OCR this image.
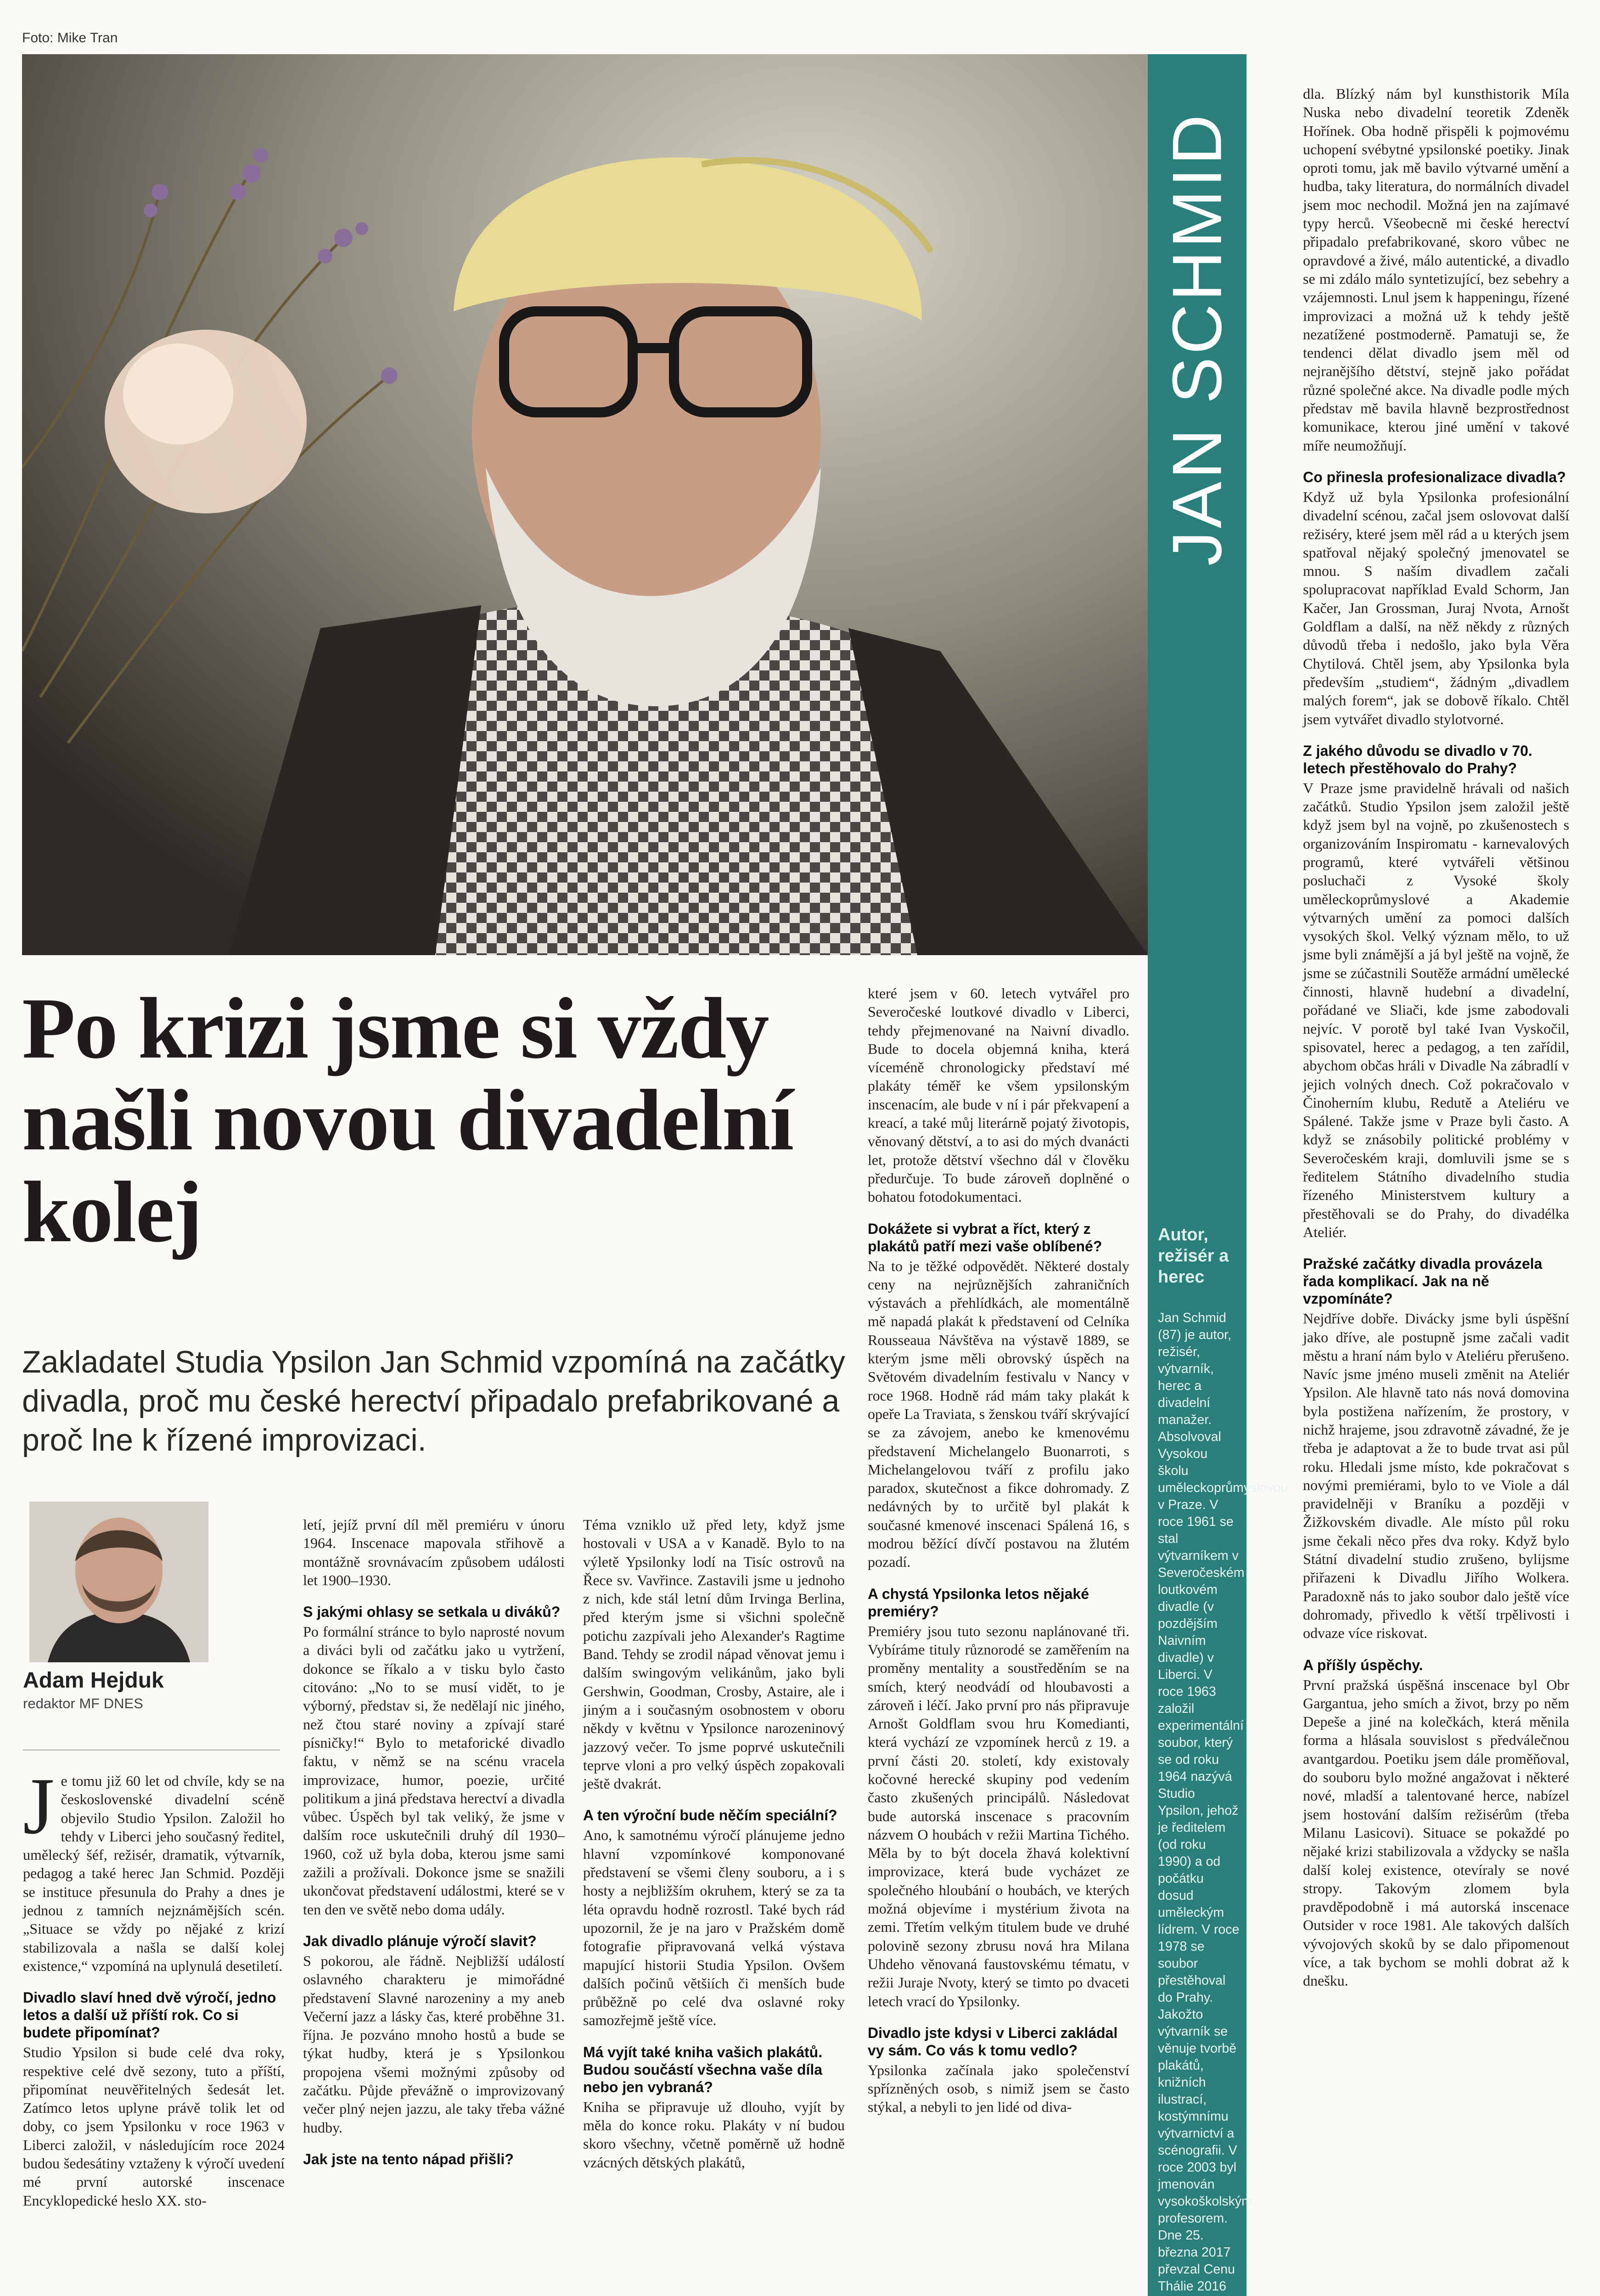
Foto: Mike Tran
JAN SCHMID
Autor, režisér a herec
Jan Schmid (87) je autor, režisér, výtvarník, herec a divadelní manažer. Absolvoval Vysokou školu uměleckoprůmyslovou v Praze. V roce 1961 se stal výtvarníkem v Severočeském loutkovém divadle (v pozdějším Naivním divadle) v Liberci. V roce 1963 založil experimentální soubor, který se od roku 1964 nazývá Studio Ypsilon, jehož je ředitelem (od roku 1990) a od počátku dosud uměleckým lídrem. V roce 1978 se soubor přestěhoval do Prahy. Jakožto výtvarník se věnuje tvorbě plakátů, knižních ilustrací, kostýmnímu výtvarnictví a scénografii. V roce 2003 byl jmenován vysokoškolským profesorem. Dne 25. března 2017 převzal Cenu Thálie 2016
Po krizi jsme si vždy našli novou divadelní kolej
Zakladatel Studia Ypsilon Jan Schmid vzpomíná na začátky divadla, proč mu české herectví připadalo prefabrikované a proč lne k řízené improvizaci.
Adam Hejduk
redaktor MF DNES

Je tomu již 60 let od chvíle, kdy se na československé divadelní scéně objevilo Studio Ypsilon. Založil ho tehdy v Liberci jeho současný ředitel, umělecký šéf, režisér, dramatik, výtvarník, pedagog a také herec Jan Schmid. Později se instituce přesunula do Prahy a dnes je jednou z tamních nejznámějších scén. „Situace se vždy po nějaké z krizí stabilizovala a našla se další kolej existence,“ vzpomíná na uplynulá desetiletí.

Divadlo slaví hned dvě výročí, jedno letos a další už příští rok. Co si budete připomínat?

Studio Ypsilon si bude celé dva roky, respektive celé dvě sezony, tuto a příští, připomínat neuvěřitelných šedesát let. Zatímco letos uplyne právě tolik let od doby, co jsem Ypsilonku v roce 1963 v Liberci založil, v následujícím roce 2024 budou šedesátiny vztaženy k výročí uvedení mé první autorské inscenace Encyklopedické heslo XX. sto-

letí, jejíž první díl měl premiéru v únoru 1964. Inscenace mapovala střihově a montážně srovnávacím způsobem události let 1900–1930.

S jakými ohlasy se setkala u diváků?

Po formální stránce to bylo naprosté novum a diváci byli od začátku jako u vytržení, dokonce se říkalo a v tisku bylo často citováno: „No to se musí vidět, to je výborný, představ si, že nedělají nic jiného, než čtou staré noviny a zpívají staré písničky!“ Bylo to metaforické divadlo faktu, v němž se na scénu vracela improvizace, humor, poezie, určité politikum a jiná představa herectví a divadla vůbec. Úspěch byl tak veliký, že jsme v dalším roce uskutečnili druhý díl 1930–1960, což už byla doba, kterou jsme sami zažili a prožívali. Dokonce jsme se snažili ukončovat představení událostmi, které se v ten den ve světě nebo doma udály.

Jak divadlo plánuje výročí slavit?

S pokorou, ale řádně. Nejbližší událostí oslavného charakteru je mimořádné představení Slavné narozeniny a my aneb Večerní jazz a lásky čas, které proběhne 31. října. Je pozváno mnoho hostů a bude se týkat hudby, která je s Ypsilonkou propojena všemi možnými způsoby od začátku. Půjde převážně o improvizovaný večer plný nejen jazzu, ale taky třeba vážné hudby.

Jak jste na tento nápad přišli?

Téma vzniklo už před lety, když jsme hostovali v USA a v Kanadě. Bylo to na výletě Ypsilonky lodí na Tisíc ostrovů na Řece sv. Vavřince. Zastavili jsme u jednoho z nich, kde stál letní dům Irvinga Berlina, před kterým jsme si všichni společně potichu zazpívali jeho Alexander's Ragtime Band. Tehdy se zrodil nápad věnovat jemu i dalším swingovým velikánům, jako byli Gershwin, Goodman, Crosby, Astaire, ale i jiným a i současným osobnostem v oboru někdy v květnu v Ypsilonce narozeninový jazzový večer. To jsme poprvé uskutečnili teprve vloni a pro velký úspěch zopakovali ještě dvakrát.

A ten výroční bude něčím speciální?

Ano, k samotnému výročí plánujeme jedno hlavní vzpomínkové komponované představení se všemi členy souboru, a i s hosty a nejbližším okruhem, který se za ta léta opravdu hodně rozrostl. Také bych rád upozornil, že je na jaro v Pražském domě fotografie připravovaná velká výstava mapující historii Studia Ypsilon. Ovšem dalších počinů většiích či menších bude průběžně po celé dva oslavné roky samozřejmě ještě více.

Má vyjít také kniha vašich plakátů. Budou součástí všechna vaše díla nebo jen vybraná?

Kniha se připravuje už dlouho, vyjít by měla do konce roku. Plakáty v ní budou skoro všechny, včetně poměrně už hodně vzácných dětských plakátů,

které jsem v 60. letech vytvářel pro Severočeské loutkové divadlo v Liberci, tehdy přejmenované na Naivní divadlo. Bude to docela objemná kniha, která víceméně chronologicky představí mé plakáty téměř ke všem ypsilonským inscenacím, ale bude v ní i pár překvapení a kreací, a také můj literárně pojatý životopis, věnovaný dětství, a to asi do mých dvanácti let, protože dětství všechno dál v člověku předurčuje. To bude zároveň doplněné o bohatou fotodokumentaci.

Dokážete si vybrat a říct, který z plakátů patří mezi vaše oblíbené?

Na to je těžké odpovědět. Některé dostaly ceny na nejrůznějších zahraničních výstavách a přehlídkách, ale momentálně mě napadá plakát k představení od Celníka Rousseaua Návštěva na výstavě 1889, se kterým jsme měli obrovský úspěch na Světovém divadelním festivalu v Nancy v roce 1968. Hodně rád mám taky plakát k opeře La Traviata, s ženskou tváří skrývající se za závojem, anebo ke kmenovému představení Michelangelo Buonarroti, s Michelangelovou tváří z profilu jako paradox, skutečnost a fikce dohromady. Z nedávných by to určitě byl plakát k současné kmenové inscenaci Spálená 16, s modrou běžící dívčí postavou na žlutém pozadí.

A chystá Ypsilonka letos nějaké premiéry?

Premiéry jsou tuto sezonu naplánované tři. Vybíráme tituly různorodé se zaměřením na proměny mentality a soustředěním se na smích, který neodvádí od hloubavosti a zároveň i léčí. Jako první pro nás připravuje Arnošt Goldflam svou hru Komedianti, která vychází ze vzpomínek herců z 19. a první části 20. století, kdy existovaly kočovné herecké skupiny pod vedením často zkušených principálů. Následovat bude autorská inscenace s pracovním názvem O houbách v režii Martina Tichého. Měla by to být docela žhavá kolektivní improvizace, která bude vycházet ze společného hloubání o houbách, ve kterých možná objevíme i mystérium života na zemi. Třetím velkým titulem bude ve druhé polovině sezony zbrusu nová hra Milana Uhdeho věnovaná faustovskému tématu, v režii Juraje Nvoty, který se timto po dvaceti letech vrací do Ypsilonky.

Divadlo jste kdysi v Liberci zakládal vy sám. Co vás k tomu vedlo?

Ypsilonka začínala jako společenství spřízněných osob, s nimiž jsem se často stýkal, a nebyli to jen lidé od diva-

dla. Blízký nám byl kunsthistorik Míla Nuska nebo divadelní teoretik Zdeněk Hořínek. Oba hodně přispěli k pojmovému uchopení svébytné ypsilonské poetiky. Jinak oproti tomu, jak mě bavilo výtvarné umění a hudba, taky literatura, do normálních divadel jsem moc nechodil. Možná jen na zajímavé typy herců. Všeobecně mi české herectví připadalo prefabrikované, skoro vůbec ne opravdové a živé, málo autentické, a divadlo se mi zdálo málo syntetizující, bez sebehry a vzájemnosti. Lnul jsem k happeningu, řízené improvizaci a možná už k tehdy ještě nezatížené postmoderně. Pamatuji se, že tendenci dělat divadlo jsem měl od nejranějšího dětství, stejně jako pořádat různé společné akce. Na divadle podle mých představ mě bavila hlavně bezprostřednost komunikace, kterou jiné umění v takové míře neumožňují.

Co přinesla profesionalizace divadla?

Když už byla Ypsilonka profesionální divadelní scénou, začal jsem oslovovat další režiséry, které jsem měl rád a u kterých jsem spatřoval nějaký společný jmenovatel se mnou. S naším divadlem začali spolupracovat například Evald Schorm, Jan Kačer, Jan Grossman, Juraj Nvota, Arnošt Goldflam a další, na něž někdy z různých důvodů třeba i nedošlo, jako byla Věra Chytilová. Chtěl jsem, aby Ypsilonka byla především „studiem“, žádným „divadlem malých forem“, jak se dobově říkalo. Chtěl jsem vytvářet divadlo stylotvorné.

Z jakého důvodu se divadlo v 70. letech přestěhovalo do Prahy?

V Praze jsme pravidelně hrávali od našich začátků. Studio Ypsilon jsem založil ještě když jsem byl na vojně, po zkušenostech s organizováním Inspiromatu - karnevalových programů, které vytvářeli většinou posluchači z Vysoké školy uměleckoprůmyslové a Akademie výtvarných umění za pomoci dalších vysokých škol. Velký význam mělo, to už jsme byli známější a já byl ještě na vojně, že jsme se zúčastnili Soutěže armádní umělecké činnosti, hlavně hudební a divadelní, pořádané ve Sliači, kde jsme zabodovali nejvíc. V porotě byl také Ivan Vyskočil, spisovatel, herec a pedagog, a ten zařídil, abychom občas hráli v Divadle Na zábradlí v jejich volných dnech. Což pokračovalo v Činoherním klubu, Redutě a Ateliéru ve Spálené. Takže jsme v Praze byli často. A když se znásobily politické problémy v Severočeském kraji, domluvili jsme se s ředitelem Státního divadelního studia řízeného Ministerstvem kultury a přestěhovali se do Prahy, do divadélka Ateliér.

Pražské začátky divadla provázela řada komplikací. Jak na ně vzpomínáte?

Nejdříve dobře. Divácky jsme byli úspěšní jako dříve, ale postupně jsme začali vadit městu a hraní nám bylo v Ateliéru přerušeno. Navíc jsme jméno museli změnit na Ateliér Ypsilon. Ale hlavně tato nás nová domovina byla postižena nařízením, že prostory, v nichž hrajeme, jsou zdravotně závadné, že je třeba je adaptovat a že to bude trvat asi půl roku. Hledali jsme místo, kde pokračovat s novými premiérami, bylo to ve Viole a dál pravidelněji v Braníku a později v Žižkovském divadle. Ale místo půl roku jsme čekali něco přes dva roky. Když bylo Státní divadelní studio zrušeno, bylijsme přiřazeni k Divadlu Jiřího Wolkera. Paradoxně nás to jako soubor dalo ještě více dohromady, přivedlo k větší trpělivosti i odvaze více riskovat.

A příšly úspěchy.

První pražská úspěšná inscenace byl Obr Gargantua, jeho smích a život, brzy po něm Depeše a jiné na kolečkách, která měnila forma a hlásala souvislost s předválečnou avantgardou. Poetiku jsem dále proměňoval, do souboru bylo možné angažovat i některé nové, mladší a talentované herce, nabízel jsem hostování dalším režisérům (třeba Milanu Lasicovi). Situace se pokaždé po nějaké krizi stabilizovala a vždycky se našla další kolej existence, otevíraly se nové stropy. Takovým zlomem byla pravděpodobně i má autorská inscenace Outsider v roce 1981. Ale takových dalších vývojových skoků by se dalo připomenout více, a tak bychom se mohli dobrat až k dnešku.
